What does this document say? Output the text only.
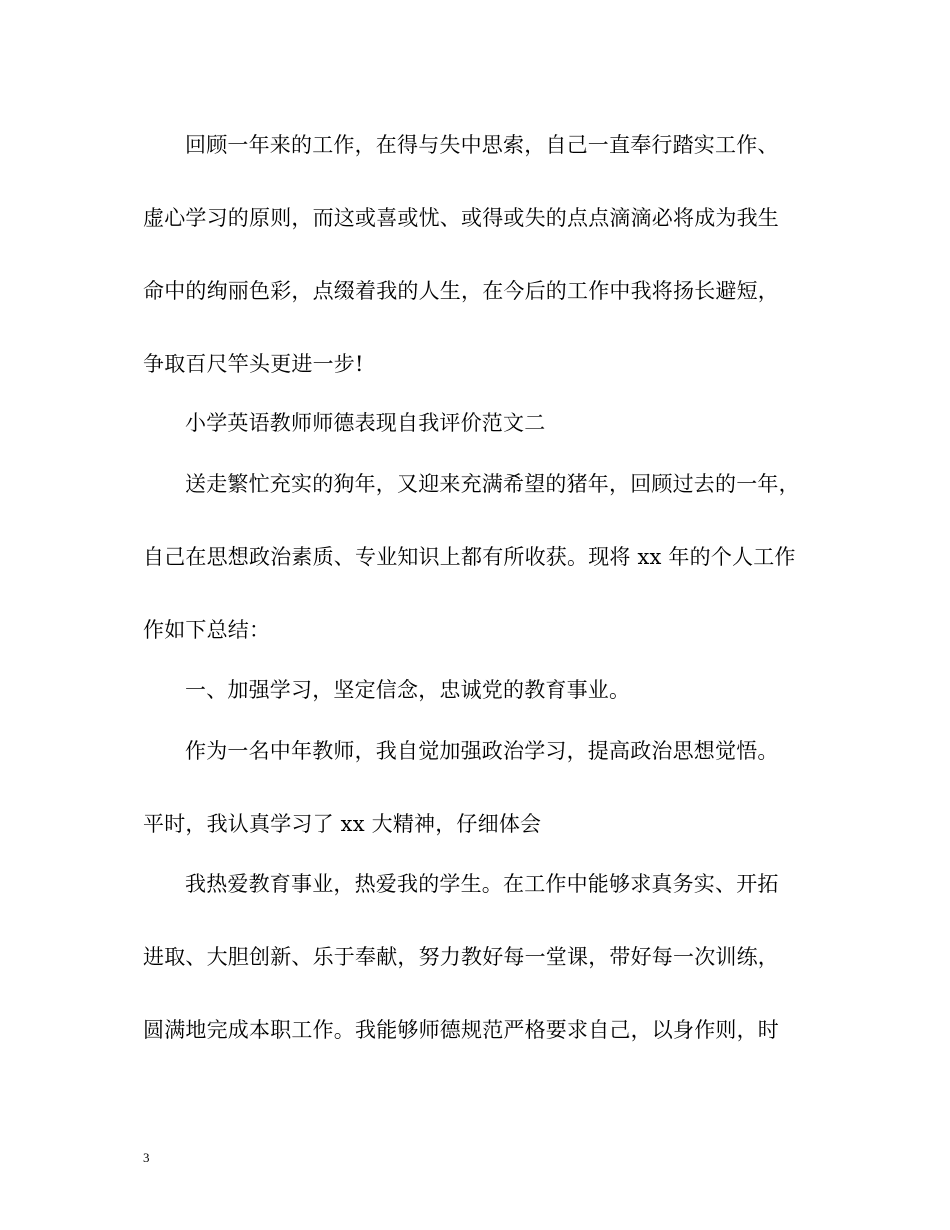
回顾一年来的工作，在得与失中思索，自己一直奉行踏实工作、
虚心学习的原则，而这或喜或忧、或得或失的点点滴滴必将成为我生
命中的绚丽色彩，点缀着我的人生，在今后的工作中我将扬长避短，
争取百尺竿头更进一步!
小学英语教师师德表现自我评价范文二
送走繁忙充实的狗年，又迎来充满希望的猪年，回顾过去的一年，
自己在思想政治素质、专业知识上都有所收获。现将 xx 年的个人工作
作如下总结：
一、加强学习，坚定信念，忠诚党的教育事业。
作为一名中年教师，我自觉加强政治学习，提高政治思想觉悟。
平时，我认真学习了 xx 大精神，仔细体会
我热爱教育事业，热爱我的学生。在工作中能够求真务实、开拓
进取、大胆创新、乐于奉献，努力教好每一堂课，带好每一次训练，
圆满地完成本职工作。我能够师德规范严格要求自己，以身作则，时
3
